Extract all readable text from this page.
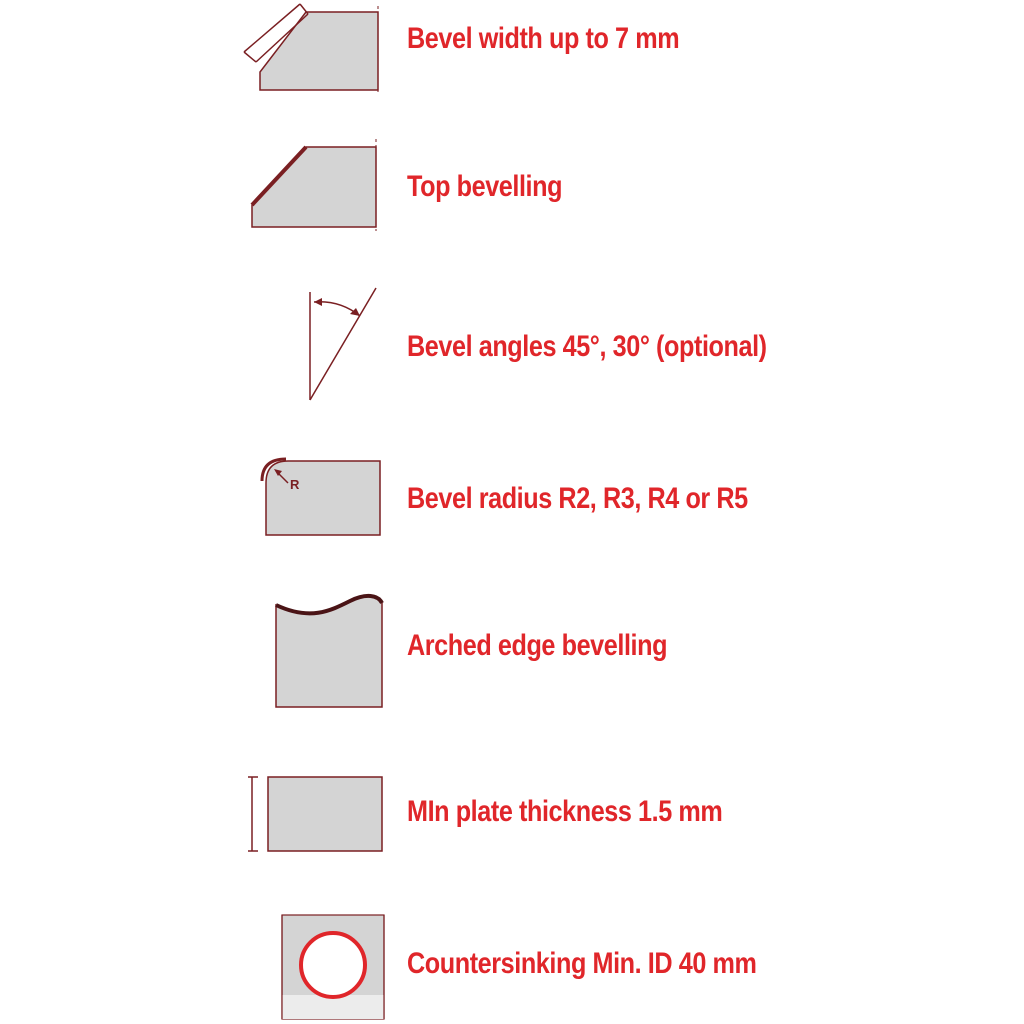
Bevel width up to 7 mm
Top bevelling
Bevel angles 45°, 30° (optional)
R	Bevel radius R2, R3, R4 or R5
Arched edge bevelling
MIn plate thickness 1.5 mm
Countersinking Min. ID 40 mm
